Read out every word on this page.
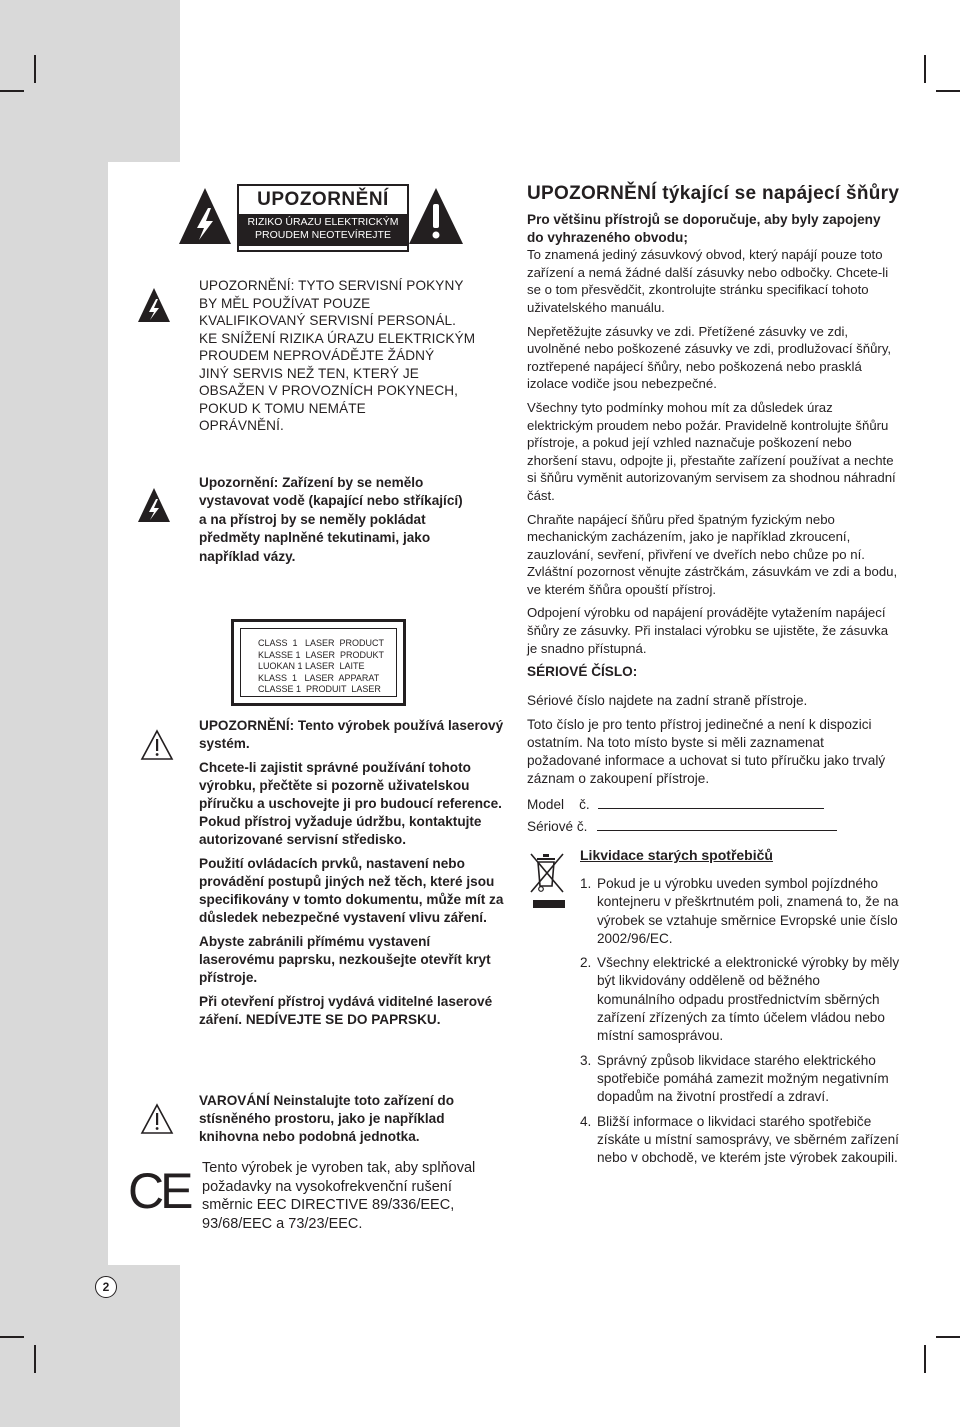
UPOZORNĚNÍ
RIZIKO ÚRAZU ELEKTRICKÝM
PROUDEM NEOTEVÍREJTE
UPOZORNĚNÍ: TYTO SERVISNÍ POKYNY
BY MĚL POUŽÍVAT POUZE
KVALIFIKOVANÝ SERVISNÍ PERSONÁL.
KE SNÍŽENÍ RIZIKA ÚRAZU ELEKTRICKÝM
PROUDEM NEPROVÁDĚJTE ŽÁDNÝ
JINÝ SERVIS NEŽ TEN, KTERÝ JE
OBSAŽEN V PROVOZNÍCH POKYNECH,
POKUD K TOMU NEMÁTE
OPRÁVNĚNÍ.
Upozornění: Zařízení by se nemělo
vystavovat vodě (kapající nebo stříkající)
a na přístroj by se neměly pokládat
předměty naplněné tekutinami, jako
například vázy.
CLASS  1   LASER  PRODUCT
KLASSE 1  LASER  PRODUKT
LUOKAN 1 LASER  LAITE
KLASS  1   LASER  APPARAT
CLASSE 1  PRODUIT  LASER

UPOZORNĚNÍ: Tento výrobek používá laserový systém.

Chcete-li zajistit správné používání tohoto výrobku, přečtěte si pozorně uživatelskou příručku a uschovejte ji pro budoucí reference. Pokud přístroj vyžaduje údržbu, kontaktujte autorizované servisní středisko.

Použití ovládacích prvků, nastavení nebo provádění postupů jiných než těch, které jsou specifikovány v tomto dokumentu, může mít za důsledek nebezpečné vystavení vlivu záření.

Abyste zabránili přímému vystavení laserovému paprsku, nezkoušejte otevřít kryt přístroje.

Při otevření přístroj vydává viditelné laserové záření. NEDÍVEJTE SE DO PAPRSKU.

VAROVÁNÍ Neinstalujte toto zařízení do stísněného prostoru, jako je například knihovna nebo podobná jednotka.
CE Tento výrobek je vyroben tak, aby splňoval požadavky na vysokofrekvenční rušení směrnic EEC DIRECTIVE 89/336/EEC, 93/68/EEC a 73/23/EEC.
UPOZORNĚNÍ týkající se napájecí šňůry
Pro většinu přístrojů se doporučuje, aby byly zapojeny do vyhrazeného obvodu;

To znamená jediný zásuvkový obvod, který napájí pouze toto zařízení a nemá žádné další zásuvky nebo odbočky. Chcete-li se o tom přesvědčit, zkontrolujte stránku specifikací tohoto uživatelského manuálu.

Nepřetěžujte zásuvky ve zdi. Přetížené zásuvky ve zdi, uvolněné nebo poškozené zásuvky ve zdi, prodlužovací šňůry, roztřepené napájecí šňůry, nebo poškozená nebo prasklá izolace vodiče jsou nebezpečné.

Všechny tyto podmínky mohou mít za důsledek úraz elektrickým proudem nebo požár. Pravidelně kontrolujte šňůru přístroje, a pokud její vzhled naznačuje poškození nebo zhoršení stavu, odpojte ji, přestaňte zařízení používat a nechte si šňůru vyměnit autorizovaným servisem za shodnou náhradní část.

Chraňte napájecí šňůru před špatným fyzickým nebo mechanickým zacházením, jako je například zkroucení, zauzlování, sevření, přivření ve dveřích nebo chůze po ní. Zvláštní pozornost věnujte zástrčkám, zásuvkám ve zdi a bodu, ve kterém šňůra opouští přístroj.

Odpojení výrobku od napájení provádějte vytažením napájecí šňůry ze zásuvky. Při instalaci výrobku se ujistěte, že zásuvka je snadno přístupná.

SÉRIOVÉ ČÍSLO:

Sériové číslo najdete na zadní straně přístroje.

Toto číslo je pro tento přístroj jedinečné a není k dispozici ostatním. Na toto místo byste si měli zaznamenat požadované informace a uchovat si tuto příručku jako trvalý záznam o zakoupení přístroje.

Model    č.
Sériové č.
Likvidace starých spotřebičů
1. Pokud je u výrobku uveden symbol pojízdného kontejneru v přeškrtnutém poli, znamená to, že na výrobek se vztahuje směrnice Evropské unie číslo 2002/96/EC.
2. Všechny elektrické a elektronické výrobky by měly být likvidovány odděleně od běžného komunálního odpadu prostřednictvím sběrných zařízení zřízených za tímto účelem vládou nebo místní samosprávou.
3. Správný způsob likvidace starého elektrického spotřebiče pomáhá zamezit možným negativním dopadům na životní prostředí a zdraví.
4. Bližší informace o likvidaci starého spotřebiče získáte u místní samosprávy, ve sběrném zařízení nebo v obchodě, ve kterém jste výrobek zakoupili.
2
